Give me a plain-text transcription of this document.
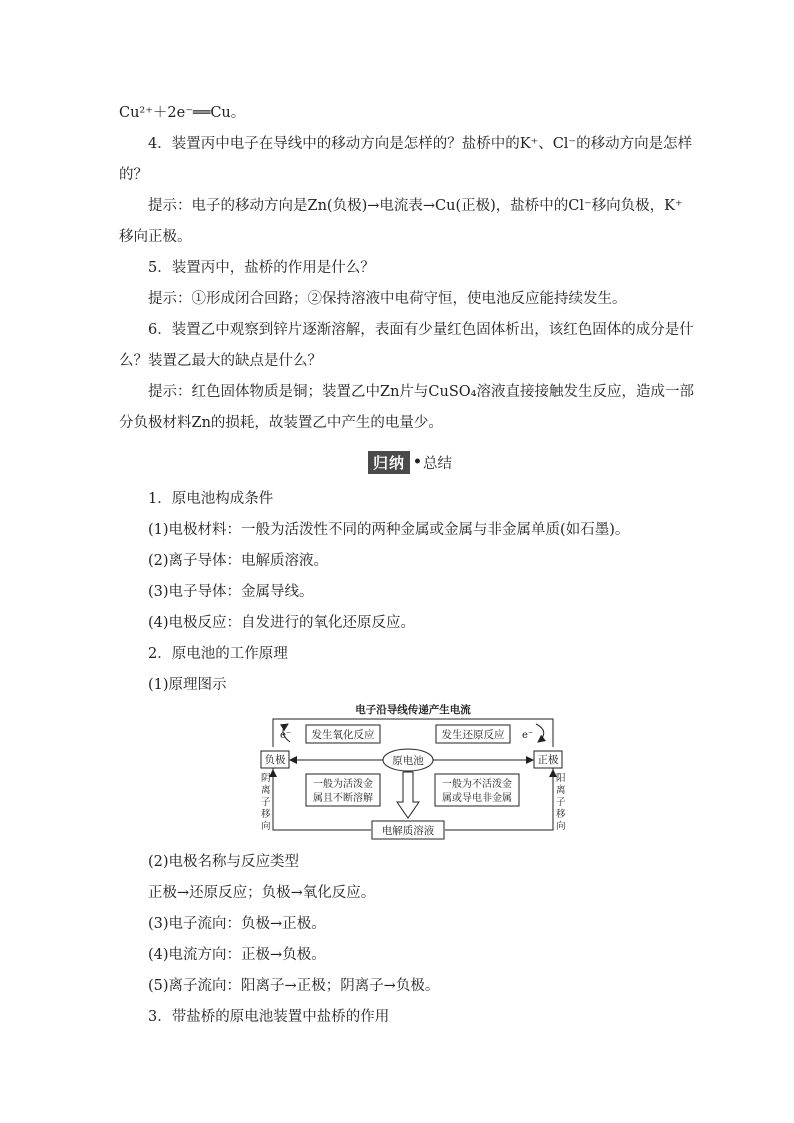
Cu²⁺＋2e⁻══Cu。
4．装置丙中电子在导线中的移动方向是怎样的？盐桥中的K⁺、Cl⁻的移动方向是怎样
的？
提示：电子的移动方向是Zn(负极)→电流表→Cu(正极)，盐桥中的Cl⁻移向负极，K⁺
移向正极。
5．装置丙中，盐桥的作用是什么？
提示：①形成闭合回路；②保持溶液中电荷守恒，使电池反应能持续发生。
6．装置乙中观察到锌片逐渐溶解，表面有少量红色固体析出，该红色固体的成分是什
么？装置乙最大的缺点是什么？
提示：红色固体物质是铜；装置乙中Zn片与CuSO₄溶液直接接触发生反应，造成一部
分负极材料Zn的损耗，故装置乙中产生的电量少。
归纳 • 总结
1．原电池构成条件
(1)电极材料：一般为活泼性不同的两种金属或金属与非金属单质(如石墨)。
(2)离子导体：电解质溶液。
(3)电子导体：金属导线。
(4)电极反应：自发进行的氧化还原反应。
2．原电池的工作原理
(1)原理图示
电子沿导线传递产生电流
e⁻	e⁻
负极	正极
原电池
发生氧化反应	发生还原反应
一般为活泼金
属且不断溶解
一般为不活泼金
属或导电非金属
电解质溶液
阴
离
子
移
向
阳
离
子
移
向
(2)电极名称与反应类型
正极→还原反应；负极→氧化反应。
(3)电子流向：负极→正极。
(4)电流方向：正极→负极。
(5)离子流向：阳离子→正极；阴离子→负极。
3．带盐桥的原电池装置中盐桥的作用
